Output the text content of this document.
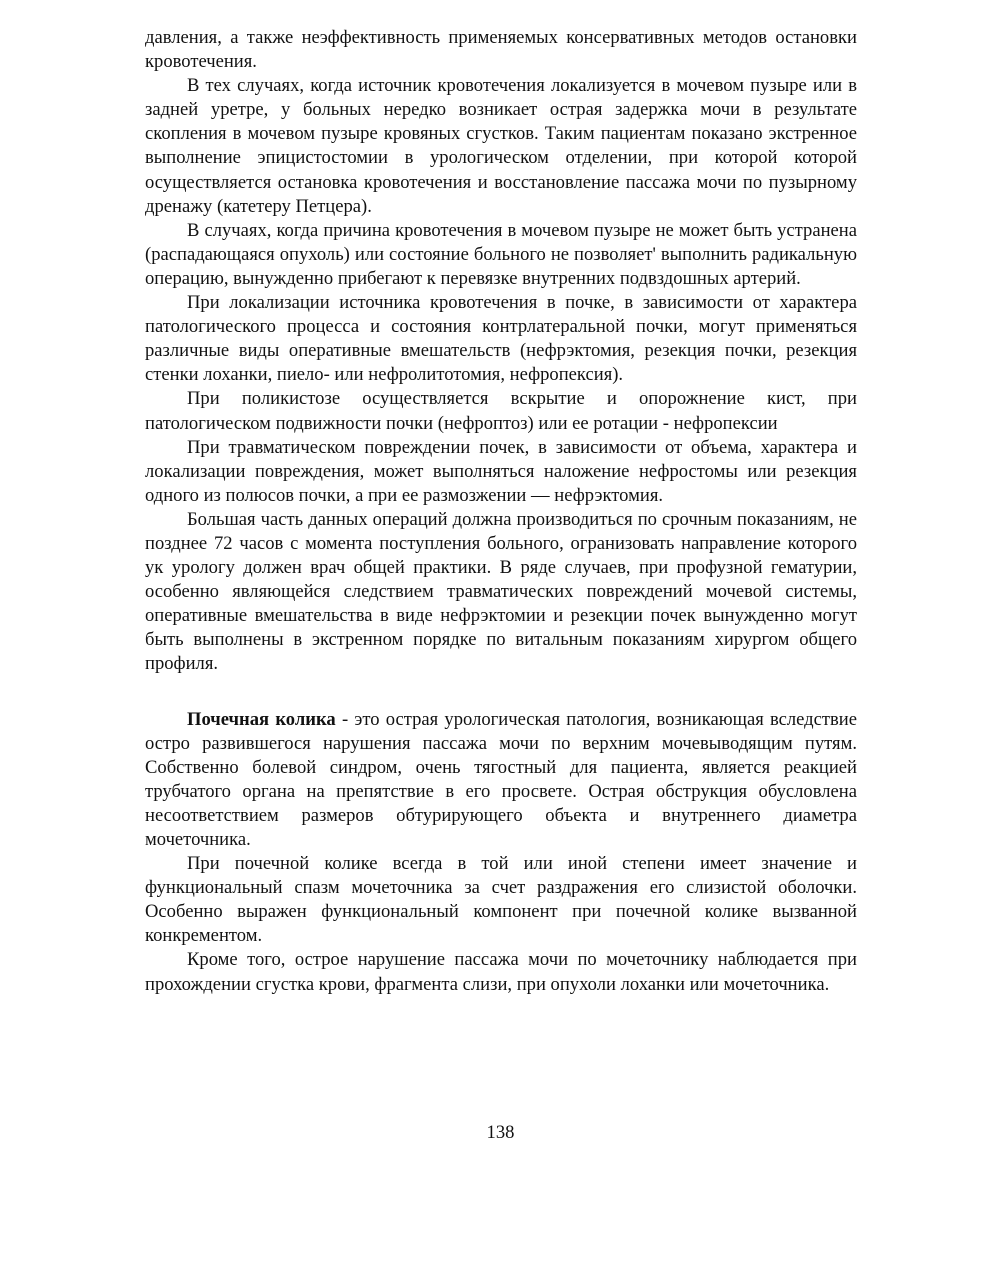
давления, а также неэффективность применяемых консервативных методов остановки кровотечения.

В тех случаях, когда источник кровотечения локализуется в мочевом пузыре или в задней уретре, у больных нередко возникает острая задержка мочи в результате скопления в мочевом пузыре кровяных сгустков. Таким пациентам показано экстренное выполнение эпицистостомии в урологическом отделении, при которой которой осуществляется остановка кровотечения и восстановление пассажа мочи по пузырному дренажу (катетеру Петцера).

В случаях, когда причина кровотечения в мочевом пузыре не может быть устранена (распадающаяся опухоль) или состояние больного не позволяет' выполнить радикальную операцию, вынужденно прибегают к перевязке внутренних подвздошных артерий.

При локализации источника кровотечения в почке, в зависимости от характера патологического процесса и состояния контрлатеральной почки, могут применяться различные виды оперативные вмешательств (нефрэктомия, резекция почки, резекция стенки лоханки, пиело- или нефролитотомия, нефропексия).

При поликистозе осуществляется вскрытие и опорожнение кист, при патологическом подвижности почки (нефроптоз) или ее ротации - нефропексии

При травматическом повреждении почек, в зависимости от объема, характера и локализации повреждения, может выполняться наложение нефростомы или резекция одного из полюсов почки, а при ее размозжении — нефрэктомия.

Большая часть данных операций должна производиться по срочным показаниям, не позднее 72 часов с момента поступления больного, огранизовать направление которого ук урологу должен врач общей практики. В ряде случаев, при профузной гематурии, особенно являющейся следствием травматических повреждений мочевой системы, оперативные вмешательства в виде нефрэктомии и резекции почек вынужденно могут быть выполнены в экстренном порядке по витальным показаниям хирургом общего профиля.

Почечная колика - это острая урологическая патология, возникающая вследствие остро развившегося нарушения пассажа мочи по верхним мочевыводящим путям. Собственно болевой синдром, очень тягостный для пациента, является реакцией трубчатого органа на препятствие в его просвете. Острая обструкция обусловлена несоответствием размеров обтурирующего объекта и внутреннего диаметра мочеточника.

При почечной колике всегда в той или иной степени имеет значение и функциональный спазм мочеточника за счет раздражения его слизистой оболочки. Особенно выражен функциональный компонент при почечной колике вызванной конкрементом.

Кроме того, острое нарушение пассажа мочи по мочеточнику наблюдается при прохождении сгустка крови, фрагмента слизи, при опухоли лоханки или мочеточника.

138
